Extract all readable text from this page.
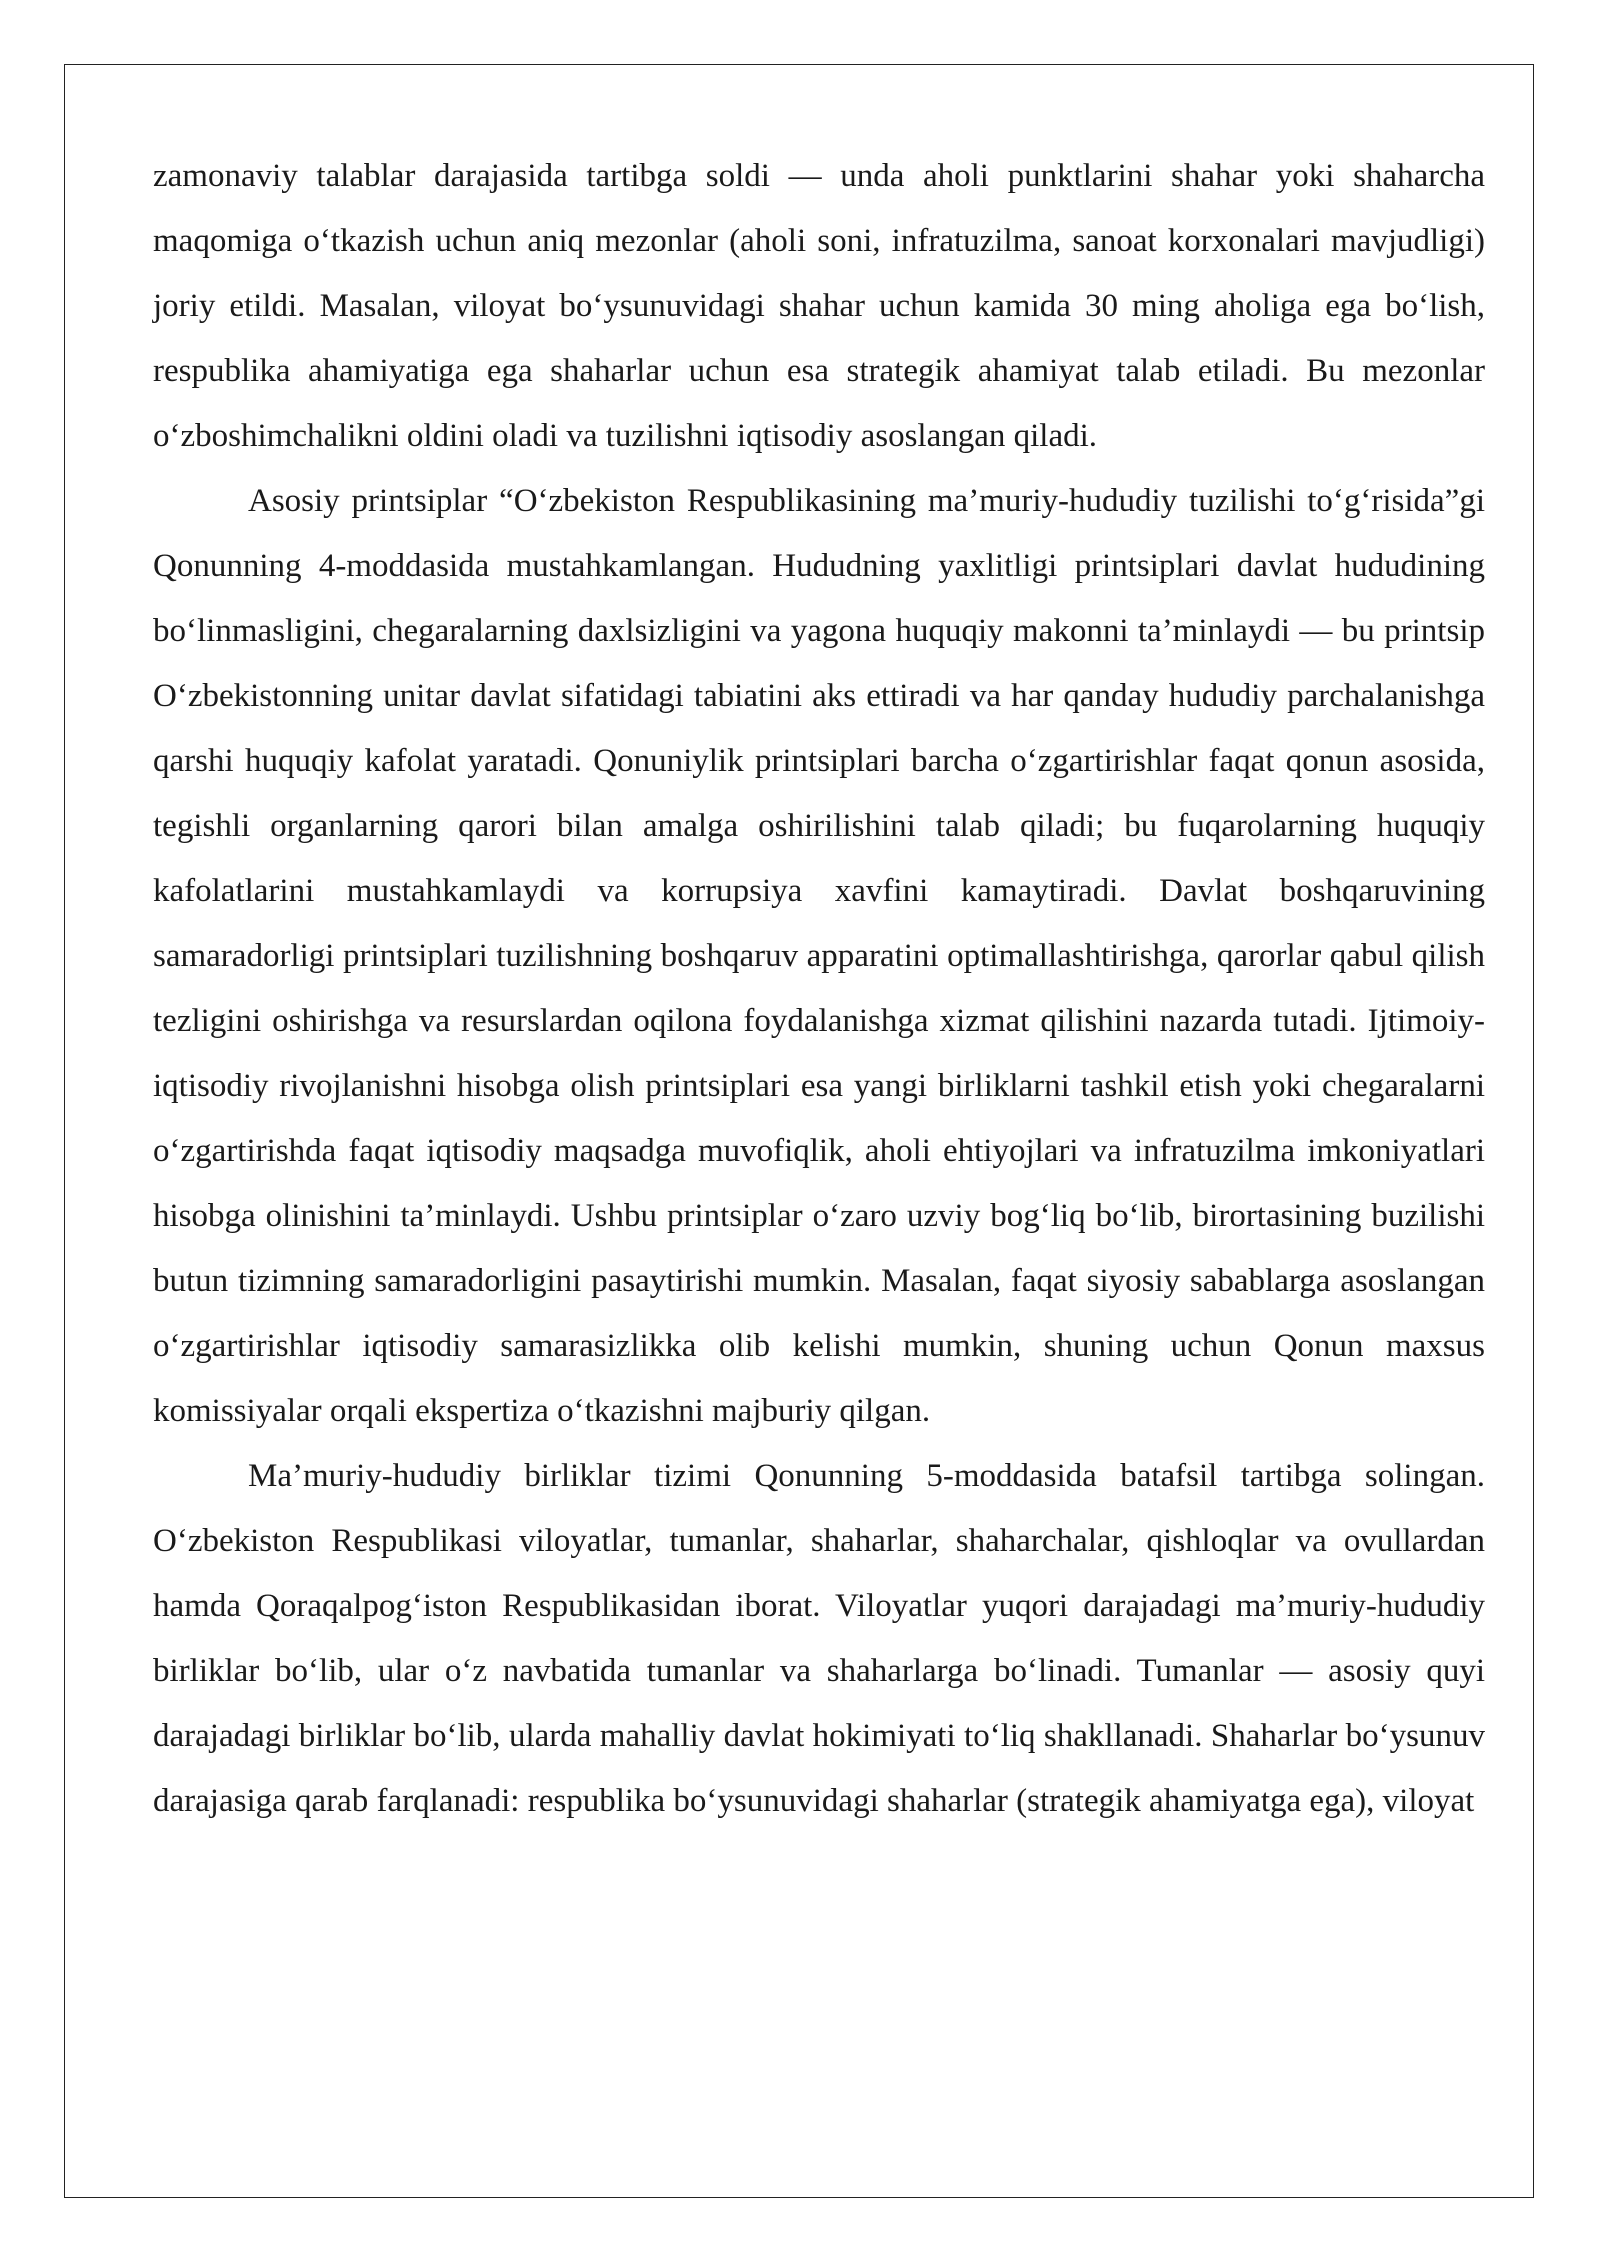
zamonaviy talablar darajasida tartibga soldi — unda aholi punktlarini shahar yoki shaharcha maqomiga o‘tkazish uchun aniq mezonlar (aholi soni, infratuzilma, sanoat korxonalari mavjudligi) joriy etildi. Masalan, viloyat bo‘ysunuvidagi shahar uchun kamida 30 ming aholiga ega bo‘lish, respublika ahamiyatiga ega shaharlar uchun esa strategik ahamiyat talab etiladi. Bu mezonlar o‘zboshimchalikni oldini oladi va tuzilishni iqtisodiy asoslangan qiladi.

Asosiy printsiplar “O‘zbekiston Respublikasining ma’muriy-hududiy tuzilishi to‘g‘risida”gi Qonunning 4-moddasida mustahkamlangan. Hududning yaxlitligi printsiplari davlat hududining bo‘linmasligini, chegaralarning daxlsizligini va yagona huquqiy makonni ta’minlaydi — bu printsip O‘zbekistonning unitar davlat sifatidagi tabiatini aks ettiradi va har qanday hududiy parchalanishga qarshi huquqiy kafolat yaratadi. Qonuniylik printsiplari barcha o‘zgartirishlar faqat qonun asosida, tegishli organlarning qarori bilan amalga oshirilishini talab qiladi; bu fuqarolarning huquqiy kafolatlarini mustahkamlaydi va korrupsiya xavfini kamaytiradi. Davlat boshqaruvining samaradorligi printsiplari tuzilishning boshqaruv apparatini optimallashtirishga, qarorlar qabul qilish tezligini oshirishga va resurslardan oqilona foydalanishga xizmat qilishini nazarda tutadi. Ijtimoiy-iqtisodiy rivojlanishni hisobga olish printsiplari esa yangi birliklarni tashkil etish yoki chegaralarni o‘zgartirishda faqat iqtisodiy maqsadga muvofiqlik, aholi ehtiyojlari va infratuzilma imkoniyatlari hisobga olinishini ta’minlaydi. Ushbu printsiplar o‘zaro uzviy bog‘liq bo‘lib, birortasining buzilishi butun tizimning samaradorligini pasaytirishi mumkin. Masalan, faqat siyosiy sabablarga asoslangan o‘zgartirishlar iqtisodiy samarasizlikka olib kelishi mumkin, shuning uchun Qonun maxsus komissiyalar orqali ekspertiza o‘tkazishni majburiy qilgan.

Ma’muriy-hududiy birliklar tizimi Qonunning 5-moddasida batafsil tartibga solingan. O‘zbekiston Respublikasi viloyatlar, tumanlar, shaharlar, shaharchalar, qishloqlar va ovullardan hamda Qoraqalpog‘iston Respublikasidan iborat. Viloyatlar yuqori darajadagi ma’muriy-hududiy birliklar bo‘lib, ular o‘z navbatida tumanlar va shaharlarga bo‘linadi. Tumanlar — asosiy quyi darajadagi birliklar bo‘lib, ularda mahalliy davlat hokimiyati to‘liq shakllanadi. Shaharlar bo‘ysunuv darajasiga qarab farqlanadi: respublika bo‘ysunuvidagi shaharlar (strategik ahamiyatga ega), viloyat
